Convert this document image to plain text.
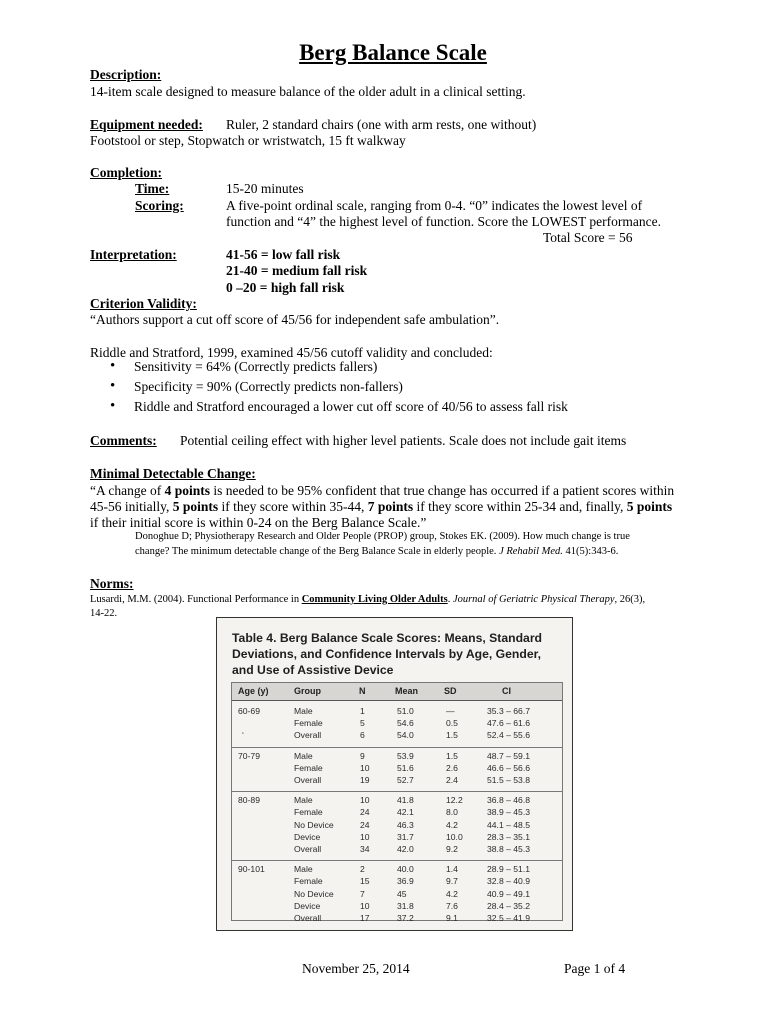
Berg Balance Scale
Description:
14-item scale designed to measure balance of the older adult in a clinical setting.
Equipment needed: Ruler, 2 standard chairs (one with arm rests, one without)
Footstool or step, Stopwatch or wristwatch, 15 ft walkway
Completion:
Time:	15-20 minutes
Scoring:	A five-point ordinal scale, ranging from 0-4. “0” indicates the lowest level of
function and “4” the highest level of function. Score the LOWEST performance.
Total Score = 56
Interpretation:	41-56 = low fall risk
21-40 = medium fall risk
0 –20 = high fall risk
Criterion Validity:
“Authors support a cut off score of 45/56 for independent safe ambulation”.
Riddle and Stratford, 1999, examined 45/56 cutoff validity and concluded:
• Sensitivity = 64% (Correctly predicts fallers)
• Specificity = 90% (Correctly predicts non-fallers)
• Riddle and Stratford encouraged a lower cut off score of 40/56 to assess fall risk
Comments: Potential ceiling effect with higher level patients. Scale does not include gait items
Minimal Detectable Change:
“A change of 4 points is needed to be 95% confident that true change has occurred if a patient scores within
45-56 initially, 5 points if they score within 35-44, 7 points if they score within 25-34 and, finally, 5 points
if their initial score is within 0-24 on the Berg Balance Scale.”
Donoghue D; Physiotherapy Research and Older People (PROP) group, Stokes EK. (2009). How much change is true
change? The minimum detectable change of the Berg Balance Scale in elderly people. J Rehabil Med. 41(5):343-6.
Norms:
Lusardi, M.M. (2004). Functional Performance in Community Living Older Adults. Journal of Geriatric Physical Therapy, 26(3),
14-22.
Table 4. Berg Balance Scale Scores: Means, Standard Deviations, and Confidence Intervals by Age, Gender, and Use of Assistive Device
Age (y)	Group	N	Mean	SD	CI
60-69
‘
Male	1	51.0	—	35.3 – 66.7
Female	5	54.6	0.5	47.6 – 61.6
Overall	6	54.0	1.5	52.4 – 55.6
70-79	Male	9	53.9	1.5	48.7 – 59.1
Female	10	51.6	2.6	46.6 – 56.6
Overall	19	52.7	2.4	51.5 – 53.8
80-89	Male	10	41.8	12.2	36.8 – 46.8
Female	24	42.1	8.0	38.9 – 45.3
No Device	24	46.3	4.2	44.1 – 48.5
Device	10	31.7	10.0	28.3 – 35.1
Overall	34	42.0	9.2	38.8 – 45.3
90-101	Male	2	40.0	1.4	28.9 – 51.1
Female	15	36.9	9.7	32.8 – 40.9
No Device	7	45	4.2	40.9 – 49.1
Device	10	31.8	7.6	28.4 – 35.2
Overall	17	37.2	9.1	32.5 – 41.9
November 25, 2014	Page 1 of 4
